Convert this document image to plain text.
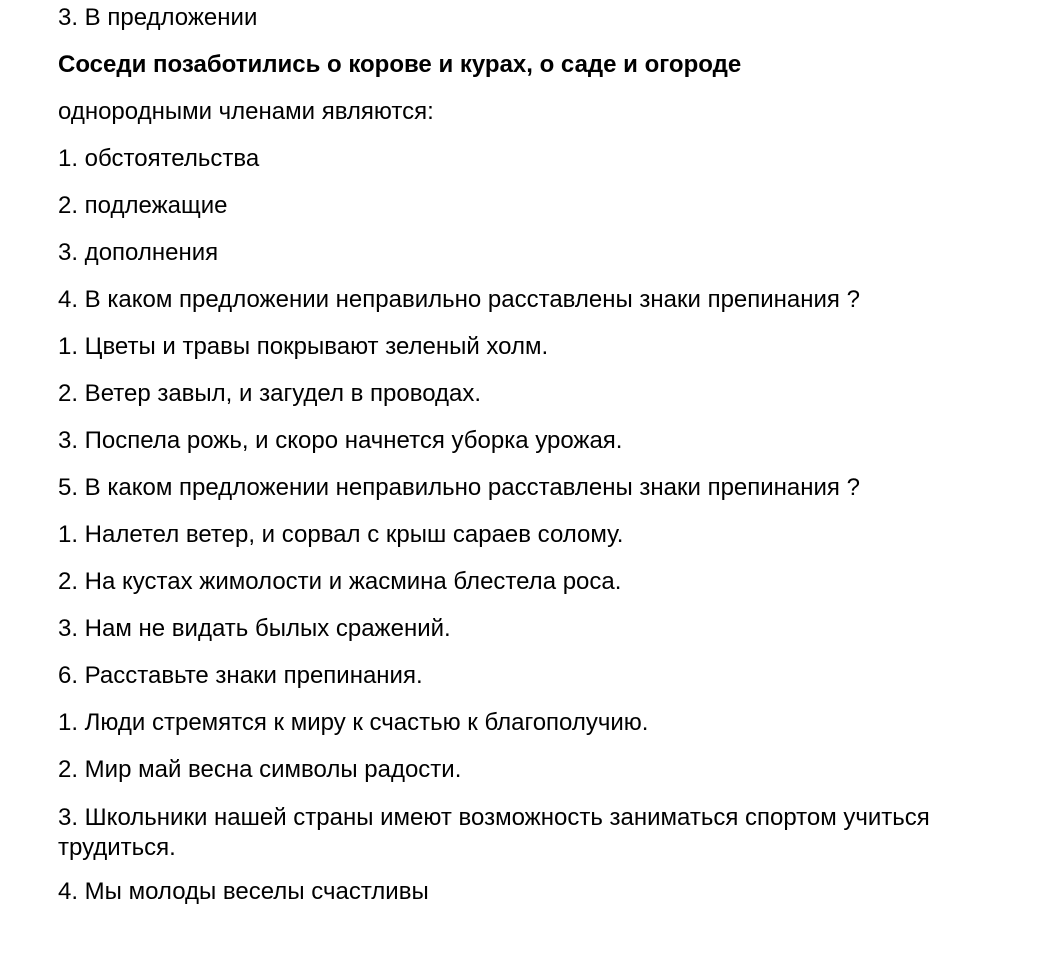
3. В предложении
Соседи позаботились о корове и курах, о саде и огороде
однородными членами являются:
1. обстоятельства
2. подлежащие
3. дополнения
4. В каком предложении неправильно расставлены знаки препинания ?
1. Цветы и травы покрывают зеленый холм.
2. Ветер завыл, и загудел в проводах.
3. Поспела рожь, и скоро начнется уборка урожая.
5. В каком предложении неправильно расставлены знаки препинания ?
1. Налетел ветер, и сорвал с крыш сараев солому.
2. На кустах жимолости и жасмина блестела роса.
3. Нам не видать былых сражений.
6. Расставьте знаки препинания.
1. Люди стремятся к миру к счастью к благополучию.
2. Мир май весна символы радости.
3. Школьники нашей страны имеют возможность заниматься спортом учиться трудиться.
4. Мы молоды веселы счастливы
